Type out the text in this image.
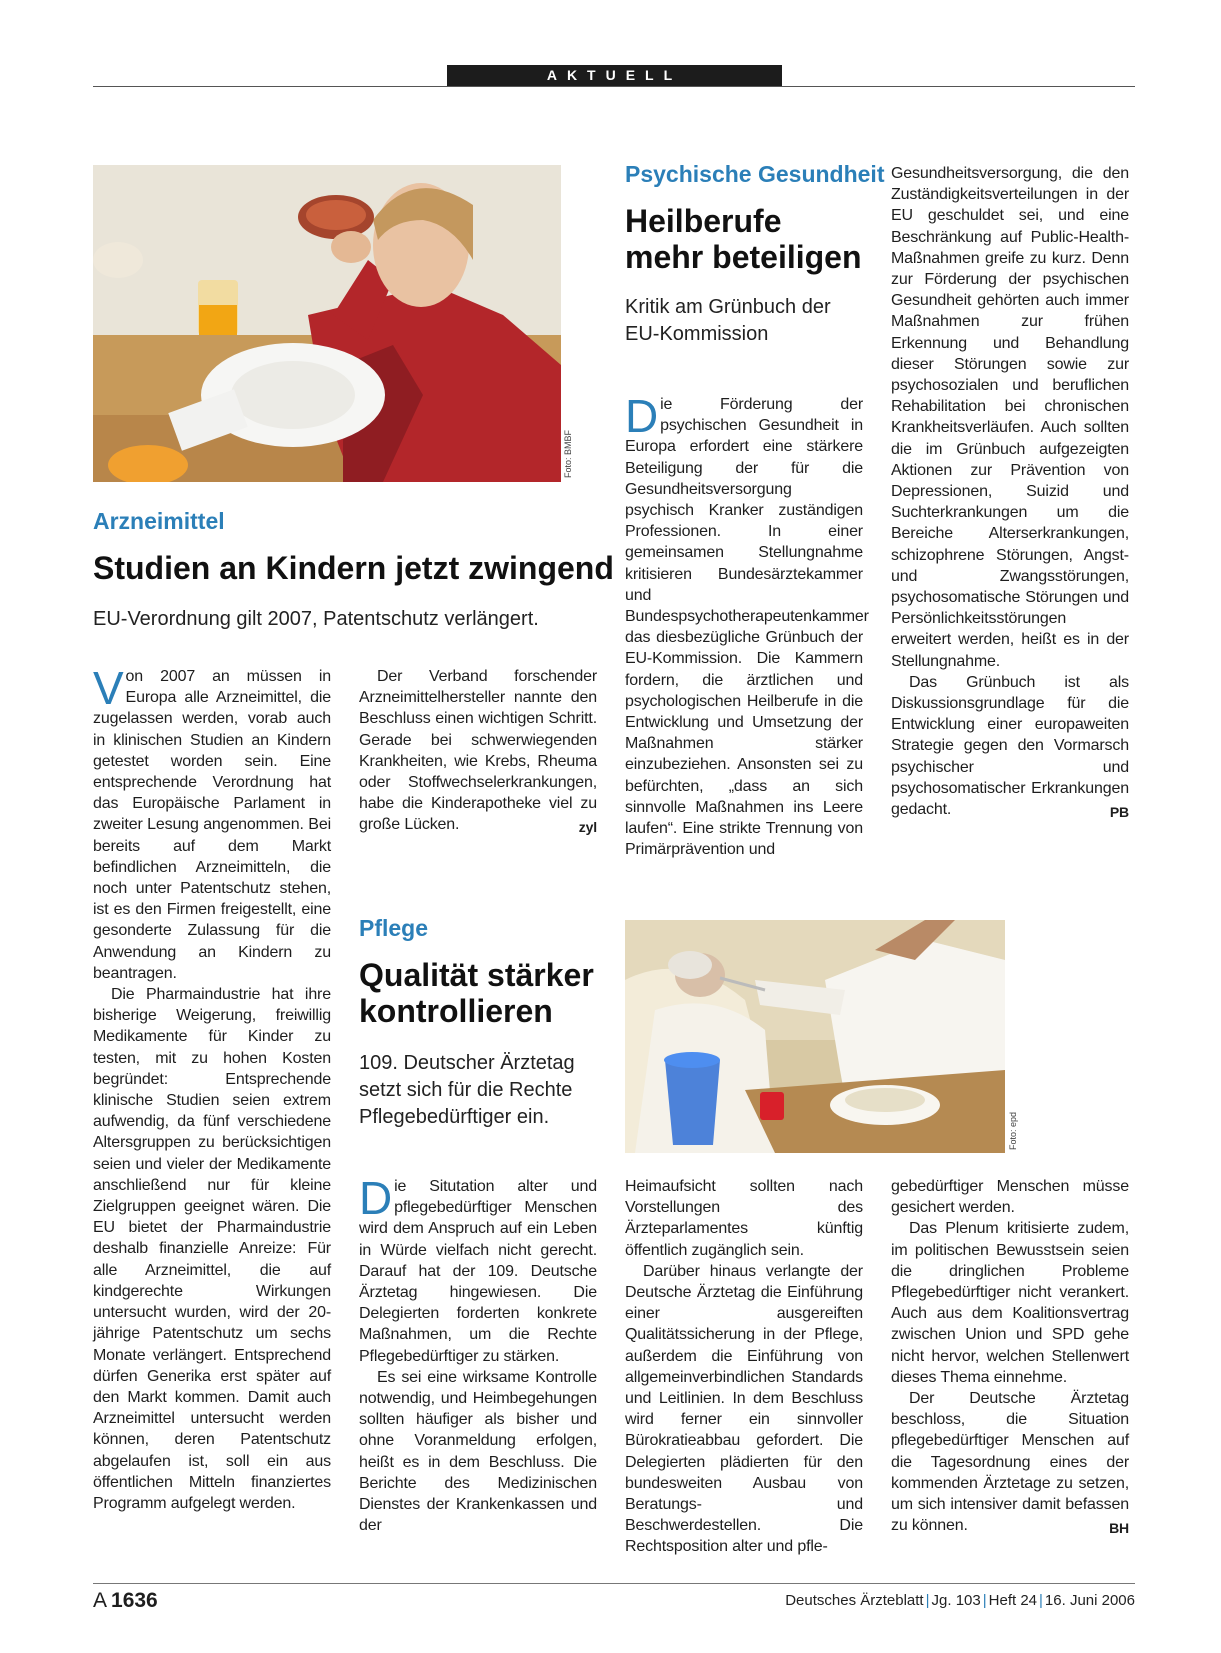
AKTUELL
Foto: BMBF
Arzneimittel
Studien an Kindern jetzt zwingend
EU-Verordnung gilt 2007, Patentschutz verlängert.

Von 2007 an müssen in Europa alle Arzneimittel, die zugelassen werden, vorab auch in klinischen Studien an Kindern getestet worden sein. Eine entsprechende Verordnung hat das Europäische Parlament in zweiter Lesung angenommen. Bei bereits auf dem Markt befindlichen Arzneimitteln, die noch unter Patentschutz stehen, ist es den Firmen freigestellt, eine gesonderte Zulassung für die Anwendung an Kindern zu beantragen.

Die Pharmaindustrie hat ihre bisherige Weigerung, freiwillig Medikamente für Kinder zu testen, mit zu hohen Kosten begründet: Entsprechende klinische Studien seien extrem aufwendig, da fünf verschiedene Altersgruppen zu berücksichtigen seien und vieler der Medikamente anschließend nur für kleine Zielgruppen geeignet wären. Die EU bietet der Pharmaindustrie deshalb finanzielle Anreize: Für alle Arzneimittel, die auf kindgerechte Wirkungen untersucht wurden, wird der 20-jährige Patentschutz um sechs Monate verlängert. Entsprechend dürfen Generika erst später auf den Markt kommen. Damit auch Arzneimittel untersucht werden können, deren Patentschutz abgelaufen ist, soll ein aus öffentlichen Mitteln finanziertes Programm aufgelegt werden.

Der Verband forschender Arzneimittelhersteller nannte den Beschluss einen wichtigen Schritt. Gerade bei schwerwiegenden Krankheiten, wie Krebs, Rheuma oder Stoffwechselerkrankungen, habe die Kinderapotheke viel zu große Lücken.	zyl

Psychische Gesundheit
Heilberufe
mehr beteiligen
Kritik am Grünbuch der
EU-Kommission

Die Förderung der psychischen Gesundheit in Europa erfordert eine stärkere Beteiligung der für die Gesundheitsversorgung psychisch Kranker zuständigen Professionen. In einer gemeinsamen Stellungnahme kritisieren Bundesärztekammer und Bundespsychotherapeutenkammer das diesbezügliche Grünbuch der EU-Kommission. Die Kammern fordern, die ärztlichen und psychologischen Heilberufe in die Entwicklung und Umsetzung der Maßnahmen stärker einzubeziehen. Ansonsten sei zu befürchten, „dass an sich sinnvolle Maßnahmen ins Leere laufen“. Eine strikte Trennung von Primärprävention und

Gesundheitsversorgung, die den Zuständigkeitsverteilungen in der EU geschuldet sei, und eine Beschränkung auf Public-Health-Maßnahmen greife zu kurz. Denn zur Förderung der psychischen Gesundheit gehörten auch immer Maßnahmen zur frühen Erkennung und Behandlung dieser Störungen sowie zur psychosozialen und beruflichen Rehabilitation bei chronischen Krankheitsverläufen. Auch sollten die im Grünbuch aufgezeigten Aktionen zur Prävention von Depressionen, Suizid und Suchterkrankungen um die Bereiche Alterserkrankungen, schizophrene Störungen, Angst- und Zwangsstörungen, psychosomatische Störungen und Persönlichkeitsstörungen erweitert werden, heißt es in der Stellungnahme.

Das Grünbuch ist als Diskussionsgrundlage für die Entwicklung einer europaweiten Strategie gegen den Vormarsch psychischer und psychosomatischer Erkrankungen gedacht.	PB

Foto: epd
Pflege
Qualität stärker
kontrollieren
109. Deutscher Ärztetag
setzt sich für die Rechte
Pflegebedürftiger ein.

Die Situtation alter und pflegebedürftiger Menschen wird dem Anspruch auf ein Leben in Würde vielfach nicht gerecht. Darauf hat der 109. Deutsche Ärztetag hingewiesen. Die Delegierten forderten konkrete Maßnahmen, um die Rechte Pflegebedürftiger zu stärken.

Es sei eine wirksame Kontrolle notwendig, und Heimbegehungen sollten häufiger als bisher und ohne Voranmeldung erfolgen, heißt es in dem Beschluss. Die Berichte des Medizinischen Dienstes der Krankenkassen und der

Heimaufsicht sollten nach Vorstellungen des Ärzteparlamentes künftig öffentlich zugänglich sein.

Darüber hinaus verlangte der Deutsche Ärztetag die Einführung einer ausgereiften Qualitätssicherung in der Pflege, außerdem die Einführung von allgemeinverbindlichen Standards und Leitlinien. In dem Beschluss wird ferner ein sinnvoller Bürokratieabbau gefordert. Die Delegierten plädierten für den bundesweiten Ausbau von Beratungs- und Beschwerdestellen. Die Rechtsposition alter und pfle-

gebedürftiger Menschen müsse gesichert werden.

Das Plenum kritisierte zudem, im politischen Bewusstsein seien die dringlichen Probleme Pflegebedürftiger nicht verankert. Auch aus dem Koalitionsvertrag zwischen Union und SPD gehe nicht hervor, welchen Stellenwert dieses Thema einnehme.

Der Deutsche Ärztetag beschloss, die Situation pflegebedürftiger Menschen auf die Tagesordnung eines der kommenden Ärztetage zu setzen, um sich intensiver damit befassen zu können.	BH

A 1636	Deutsches Ärzteblatt | Jg. 103 | Heft 24 | 16. Juni 2006
